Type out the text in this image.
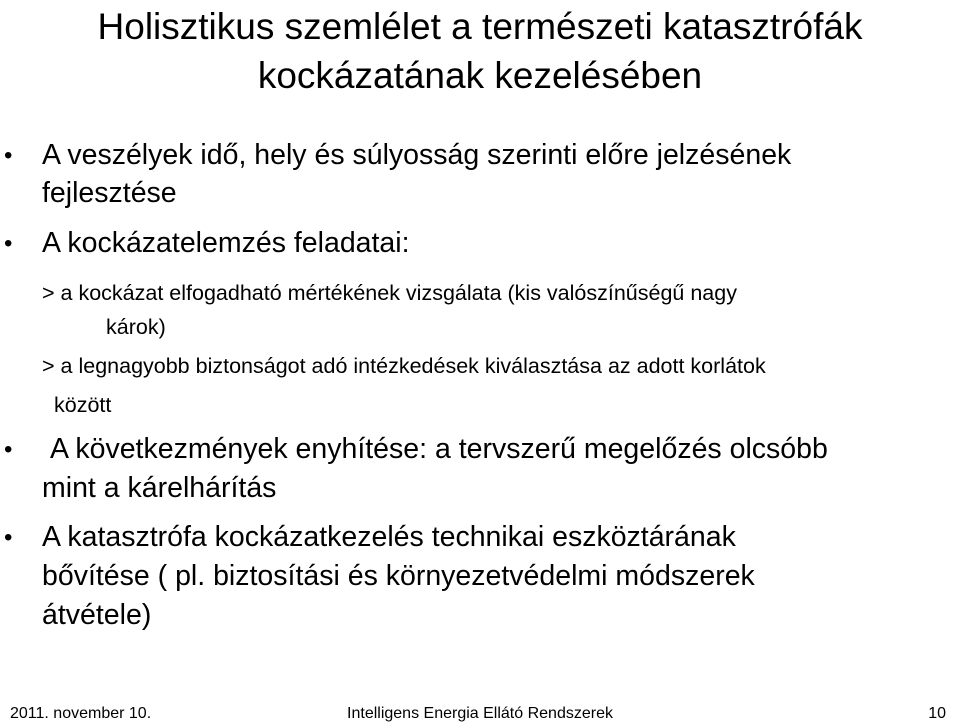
Holisztikus szemlélet a természeti katasztrófák
kockázatának kezelésében
• A veszélyek idő, hely és súlyosság szerinti előre jelzésének
fejlesztése
• A kockázatelemzés feladatai:
> a kockázat elfogadható mértékének vizsgálata (kis valószínűségű nagy
károk)
> a legnagyobb biztonságot adó intézkedések kiválasztása az adott korlátok
között
• A következmények enyhítése: a tervszerű megelőzés olcsóbb
mint a kárelhárítás
• A katasztrófa kockázatkezelés technikai eszköztárának
bővítése ( pl. biztosítási és környezetvédelmi módszerek
átvétele)
2011. november 10.	Intelligens Energia Ellátó Rendszerek	10
